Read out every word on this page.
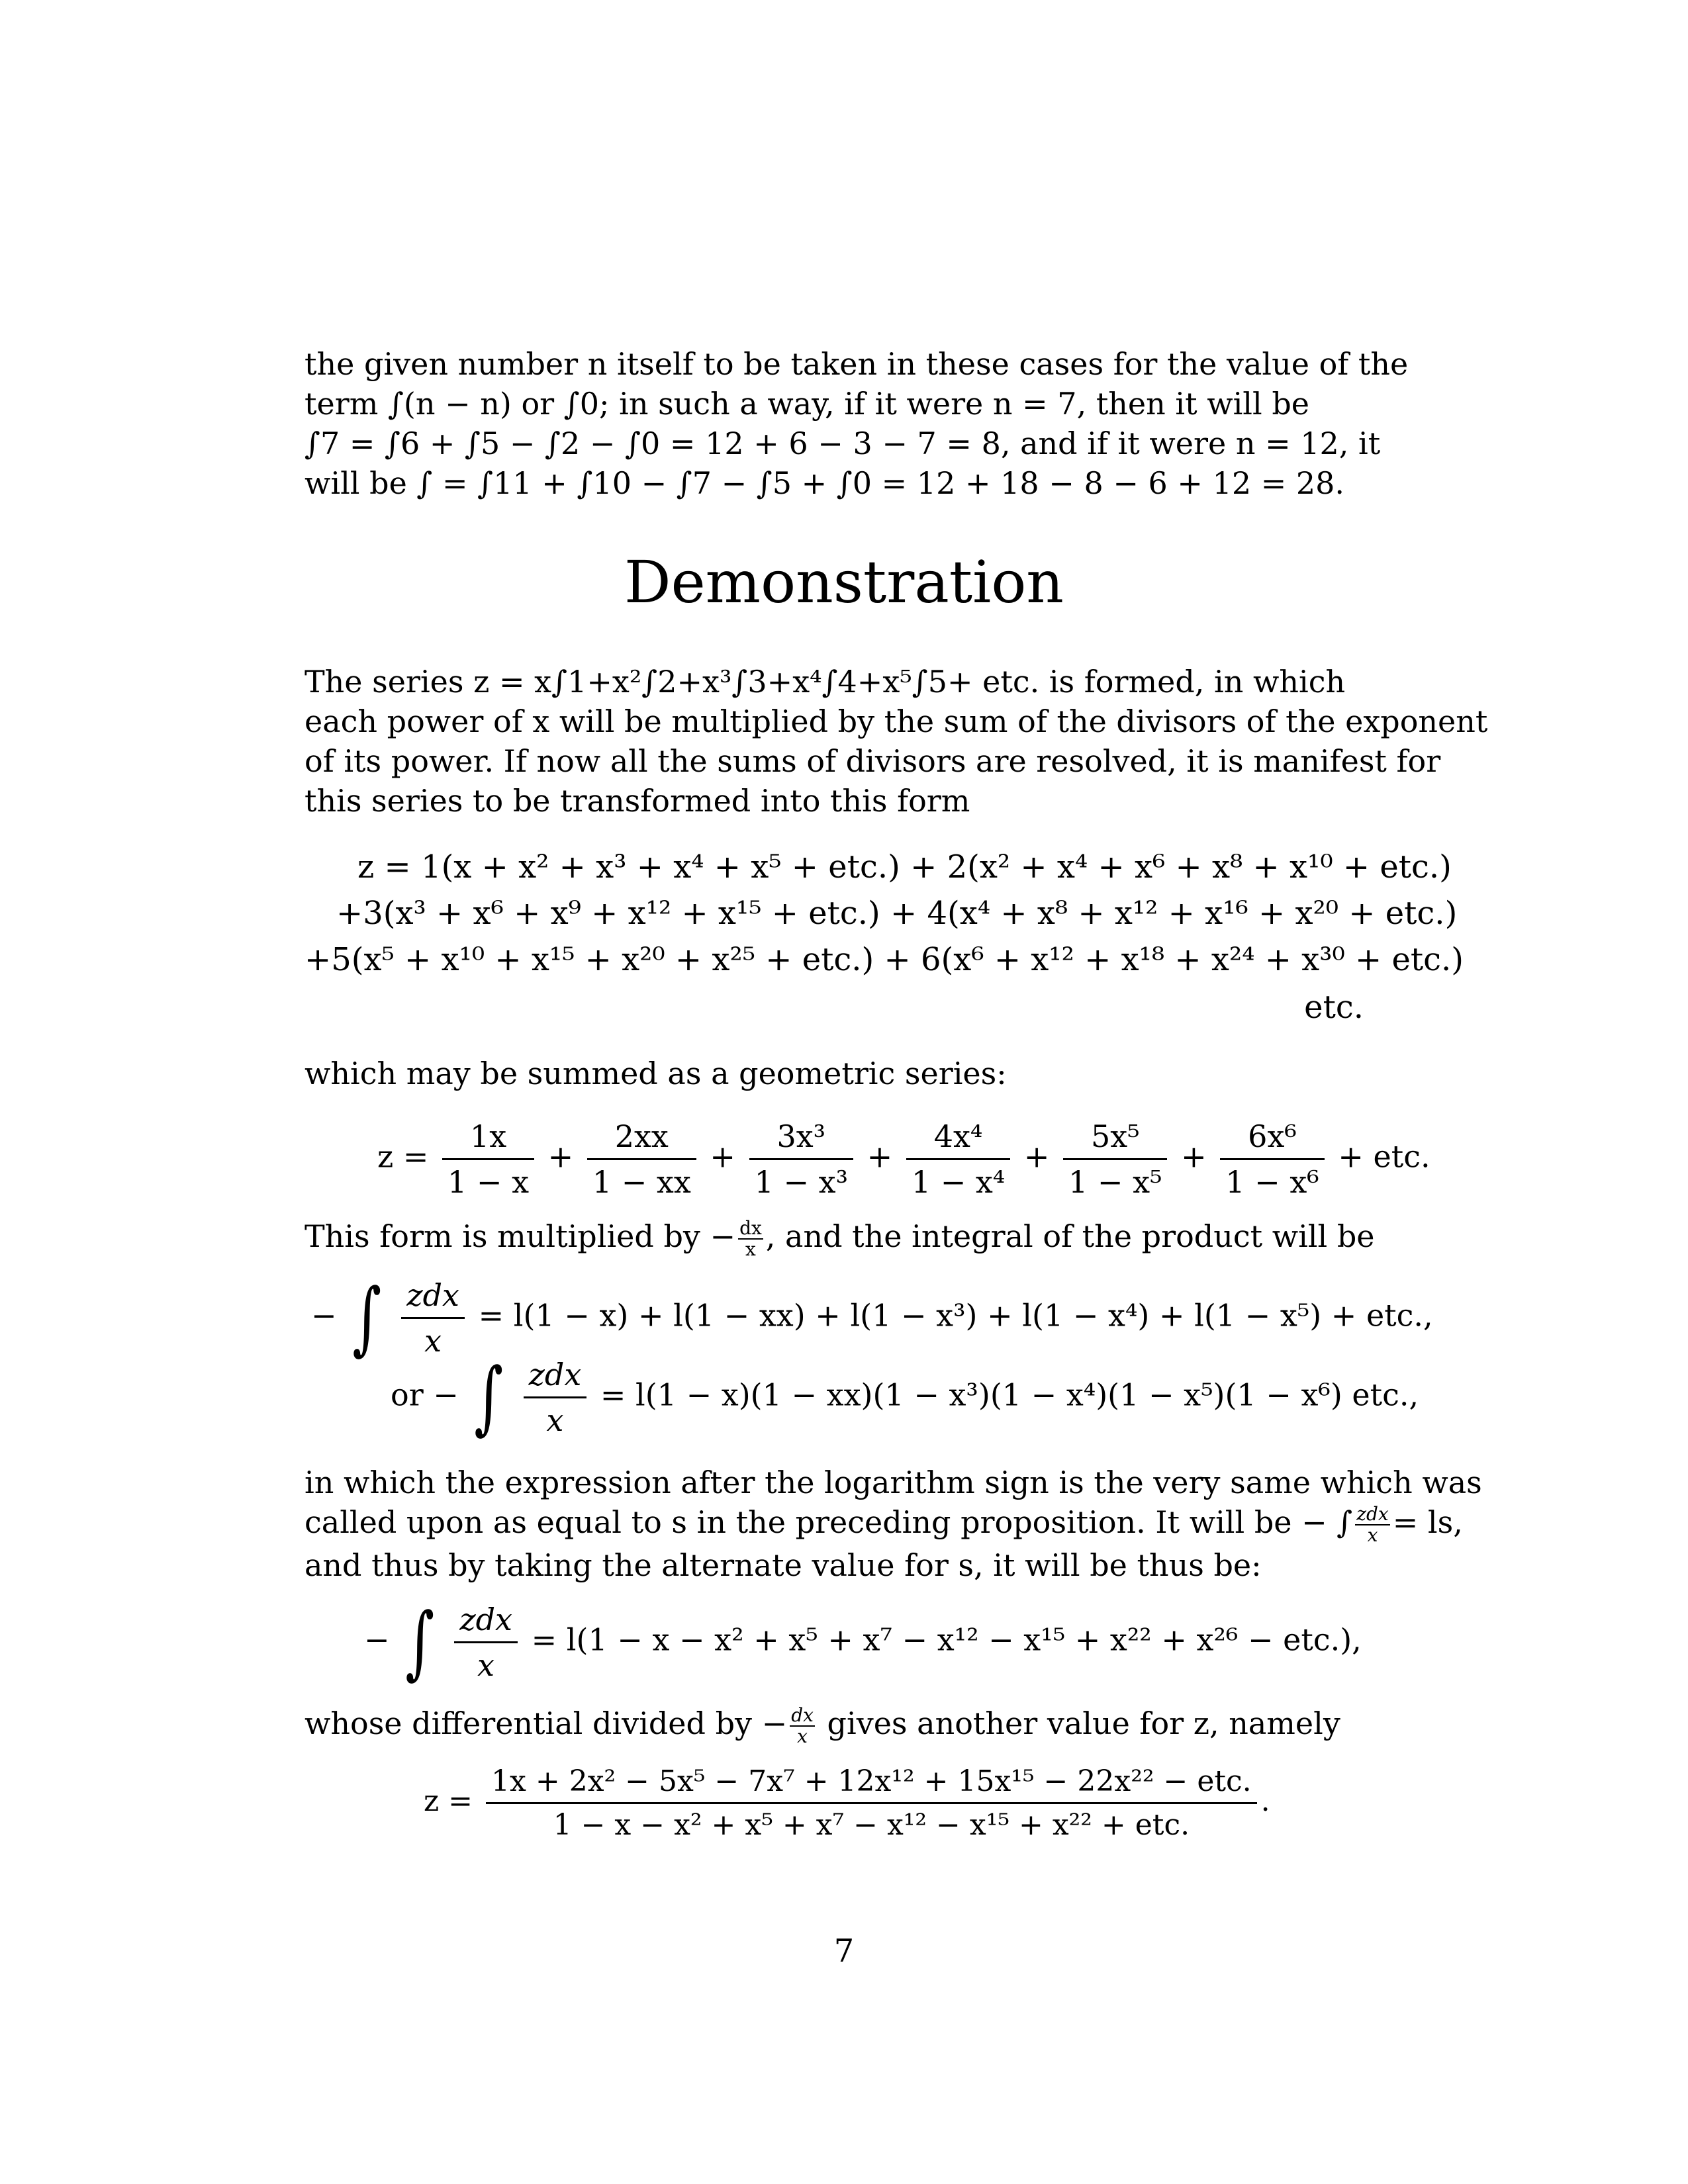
the given number n itself to be taken in these cases for the value of the
term ∫(n − n) or ∫0; in such a way, if it were n = 7, then it will be
∫7 = ∫6 + ∫5 − ∫2 − ∫0 = 12 + 6 − 3 − 7 = 8, and if it were n = 12, it
will be ∫ = ∫11 + ∫10 − ∫7 − ∫5 + ∫0 = 12 + 18 − 8 − 6 + 12 = 28.
Demonstration
The series z = x∫1+x²∫2+x³∫3+x⁴∫4+x⁵∫5+ etc. is formed, in which
each power of x will be multiplied by the sum of the divisors of the exponent
of its power. If now all the sums of divisors are resolved, it is manifest for
this series to be transformed into this form
z = 1(x + x² + x³ + x⁴ + x⁵ + etc.) + 2(x² + x⁴ + x⁶ + x⁸ + x¹⁰ + etc.)
+3(x³ + x⁶ + x⁹ + x¹² + x¹⁵ + etc.) + 4(x⁴ + x⁸ + x¹² + x¹⁶ + x²⁰ + etc.)
+5(x⁵ + x¹⁰ + x¹⁵ + x²⁰ + x²⁵ + etc.) + 6(x⁶ + x¹² + x¹⁸ + x²⁴ + x³⁰ + etc.)
etc.
which may be summed as a geometric series:
$z = \frac{1x}{1 - x} + \frac{2xx}{1 - xx} + \frac{\text{3x³}}{\text{1 − x³}} + \frac{\text{4x⁴}}{\text{1 − x⁴}} + \frac{\text{5x⁵}}{\text{1 − x⁵}} + \frac{\text{6x⁶}}{\text{1 − x⁶}}$ + etc.
This form is multiplied by − $\frac{dx}{x}$ , and the integral of the product will be
− ∫ $\frac{\text{zdx}}{x} = l(1 - x) + l(1 - xx) + l(1 - x^3) + l(1 - x^4) + l(1 - x^5)$ + etc.,
or − ∫ $\frac{\text{zdx}}{x} = l(1 - x)(1 - xx)(1 - x^3)(1 - x^4)(1 - x^5)(1 - x^6)$ etc.,
in which the expression after the logarithm sign is the very same which was
called upon as equal to s in the preceding proposition. It will be − ∫ $\frac{\text{zdx}}{x}$ = ls,
and thus by taking the alternate value for s, it will be thus be:
− ∫ $\frac{\text{zdx}}{x} = l(1 - x - x^2 + x^5 + x^7 - x^{12} - x^{15} + x^{22} + x^{26} - etc.)$,
whose differential divided by − $\frac{dx}{x}$ gives another value for z, namely
$z = \frac{\text{1x + 2x² − 5x⁵ − 7x⁷ + 12x¹² + 15x¹⁵ − 22x²² − etc.}}{\text{1 − x − x² + x⁵ + x⁷ − x¹² − x¹⁵ + x²² + etc.}}$ .
7
